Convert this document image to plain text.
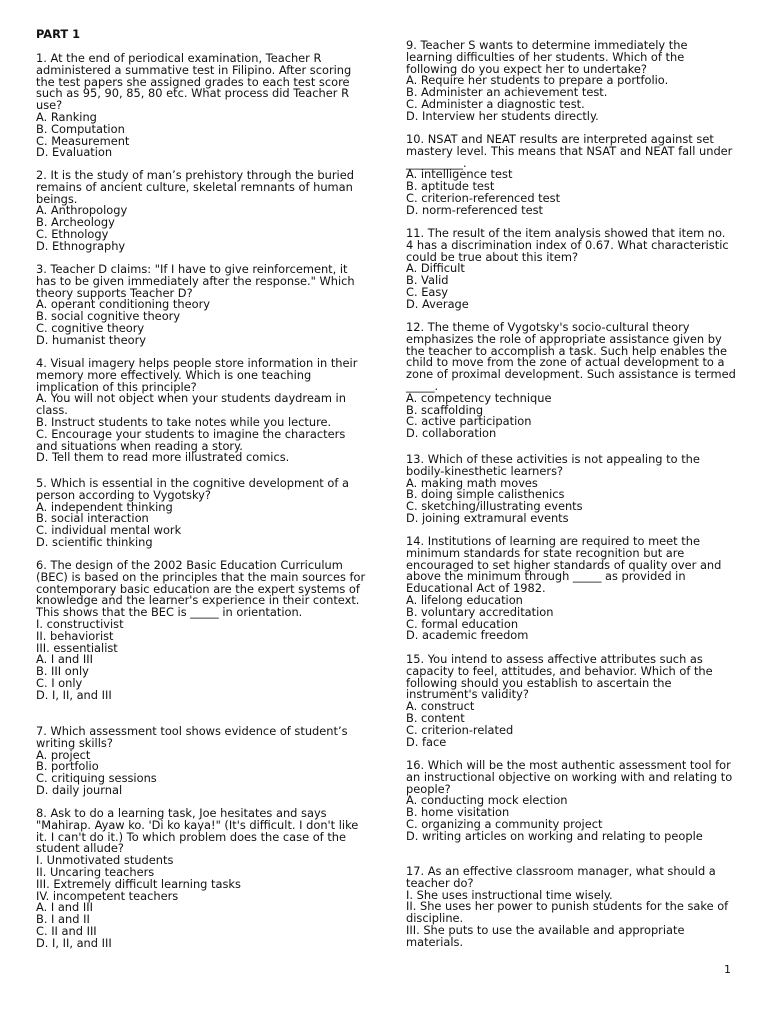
PART 1
1. At the end of periodical examination, Teacher R administered a summative test in Filipino. After scoring the test papers she assigned grades to each test score such as 95, 90, 85, 80 etc. What process did Teacher R use?
A. Ranking
B. Computation
C. Measurement
D. Evaluation
2. It is the study of man’s prehistory through the buried remains of ancient culture, skeletal remnants of human beings.
A. Anthropology
B. Archeology
C. Ethnology
D. Ethnography
3. Teacher D claims: "If I have to give reinforcement, it has to be given immediately after the response." Which theory supports Teacher D?
A. operant conditioning theory
B. social cognitive theory
C. cognitive theory
D. humanist theory
4. Visual imagery helps people store information in their memory more effectively. Which is one teaching implication of this principle?
A. You will not object when your students daydream in class.
B. Instruct students to take notes while you lecture.
C. Encourage your students to imagine the characters and situations when reading a story.
D. Tell them to read more illustrated comics.
5. Which is essential in the cognitive development of a person according to Vygotsky?
A. independent thinking
B. social interaction
C. individual mental work
D. scientific thinking
6. The design of the 2002 Basic Education Curriculum (BEC) is based on the principles that the main sources for contemporary basic education are the expert systems of knowledge and the learner's experience in their context.
This shows that the BEC is _____ in orientation.
I. constructivist
II. behaviorist
III. essentialist
A. I and III
B. III only
C. I only
D. I, II, and III
7. Which assessment tool shows evidence of student’s writing skills?
A. project
B. portfolio
C. critiquing sessions
D. daily journal
8. Ask to do a learning task, Joe hesitates and says "Mahirap. Ayaw ko. 'Di ko kaya!" (It's difficult. I don't like it. I can't do it.) To which problem does the case of the student allude?
I. Unmotivated students
II. Uncaring teachers
III. Extremely difficult learning tasks
IV. incompetent teachers
A. I and III
B. I and II
C. II and III
D. I, II, and III
9. Teacher S wants to determine immediately the learning difficulties of her students. Which of the following do you expect her to undertake?
A. Require her students to prepare a portfolio.
B. Administer an achievement test.
C. Administer a diagnostic test.
D. Interview her students directly.
10. NSAT and NEAT results are interpreted against set mastery level. This means that NSAT and NEAT fall under __________.
A. intelligence test
B. aptitude test
C. criterion-referenced test
D. norm-referenced test
11. The result of the item analysis showed that item no. 4 has a discrimination index of 0.67. What characteristic could be true about this item?
A. Difficult
B. Valid
C. Easy
D. Average
12. The theme of Vygotsky's socio-cultural theory emphasizes the role of appropriate assistance given by the teacher to accomplish a task. Such help enables the child to move from the zone of actual development to a zone of proximal development. Such assistance is termed _____.
A. competency technique
B. scaffolding
C. active participation
D. collaboration
13. Which of these activities is not appealing to the bodily-kinesthetic learners?
A. making math moves
B. doing simple calisthenics
C. sketching/illustrating events
D. joining extramural events
14. Institutions of learning are required to meet the minimum standards for state recognition but are encouraged to set higher standards of quality over and above the minimum through _____ as provided in Educational Act of 1982.
A. lifelong education
B. voluntary accreditation
C. formal education
D. academic freedom
15. You intend to assess affective attributes such as capacity to feel, attitudes, and behavior. Which of the following should you establish to ascertain the instrument's validity?
A. construct
B. content
C. criterion-related
D. face
16. Which will be the most authentic assessment tool for an instructional objective on working with and relating to people?
A. conducting mock election
B. home visitation
C. organizing a community project
D. writing articles on working and relating to people
17. As an effective classroom manager, what should a teacher do?
I. She uses instructional time wisely.
II. She uses her power to punish students for the sake of discipline.
III. She puts to use the available and appropriate materials.
1
